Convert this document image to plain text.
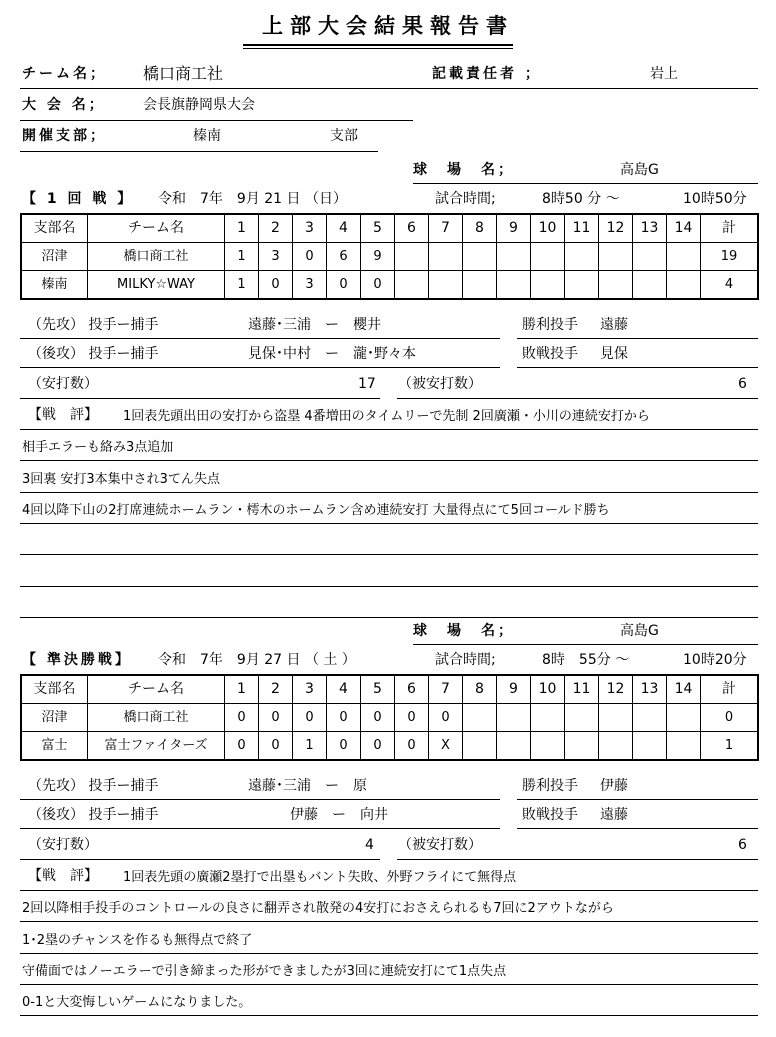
上部大会結果報告書
チーム名； 橋口商工社	記載責任者 ；	岩上
大 会 名；	会長旗静岡県大会
開催支部；	榛南	支部
球　場　名；	高島G
【 1 回 戦 】 令和　7年　9月 21 日 （日）	試合時間;	8時50 分 ～	10時50分
（先攻） 投手ー捕手	遠藤･三浦　ー　櫻井	勝利投手 遠藤
（後攻） 投手ー捕手	見保･中村　ー　瀧･野々本	敗戦投手 見保
（安打数）	17 （被安打数）	6
【戦　評】 1回表先頭出田の安打から盗塁 4番増田のタイムリーで先制 2回廣瀬・小川の連続安打から
相手エラーも絡み3点追加
3回裏 安打3本集中され3てん失点
4回以降下山の2打席連続ホームラン・樗木のホームラン含め連続安打 大量得点にて5回コールド勝ち
支部名	チーム名	1	2	3	4	5	6	7	8	9	10	11	12	13	14	計
沼津	橋口商工社	1	3	0	6	9										19
榛南	MILKY☆WAY	1	0	3	0	0										4
球　場　名；	高島G
【 準決勝戦】 令和　7年　9月 27 日 （ 土 ）	試合時間;	8時　55分 ～	10時20分
（先攻） 投手ー捕手	遠藤･三浦　ー　原	勝利投手 伊藤
（後攻） 投手ー捕手	伊藤　ー　向井	敗戦投手 遠藤
（安打数）	4 （被安打数）	6
【戦　評】 1回表先頭の廣瀬2塁打で出塁もバント失敗、外野フライにて無得点
2回以降相手投手のコントロールの良さに翻弄され散発の4安打におさえられるも7回に2アウトながら
1･2塁のチャンスを作るも無得点で終了
守備面ではノーエラーで引き締まった形ができましたが3回に連続安打にて1点失点
0-1と大変悔しいゲームになりました。
支部名	チーム名	1	2	3	4	5	6	7	8	9	10	11	12	13	14	計
沼津	橋口商工社	0	0	0	0	0	0	0								0
富士	富士ファイターズ	0	0	1	0	0	0	X								1
